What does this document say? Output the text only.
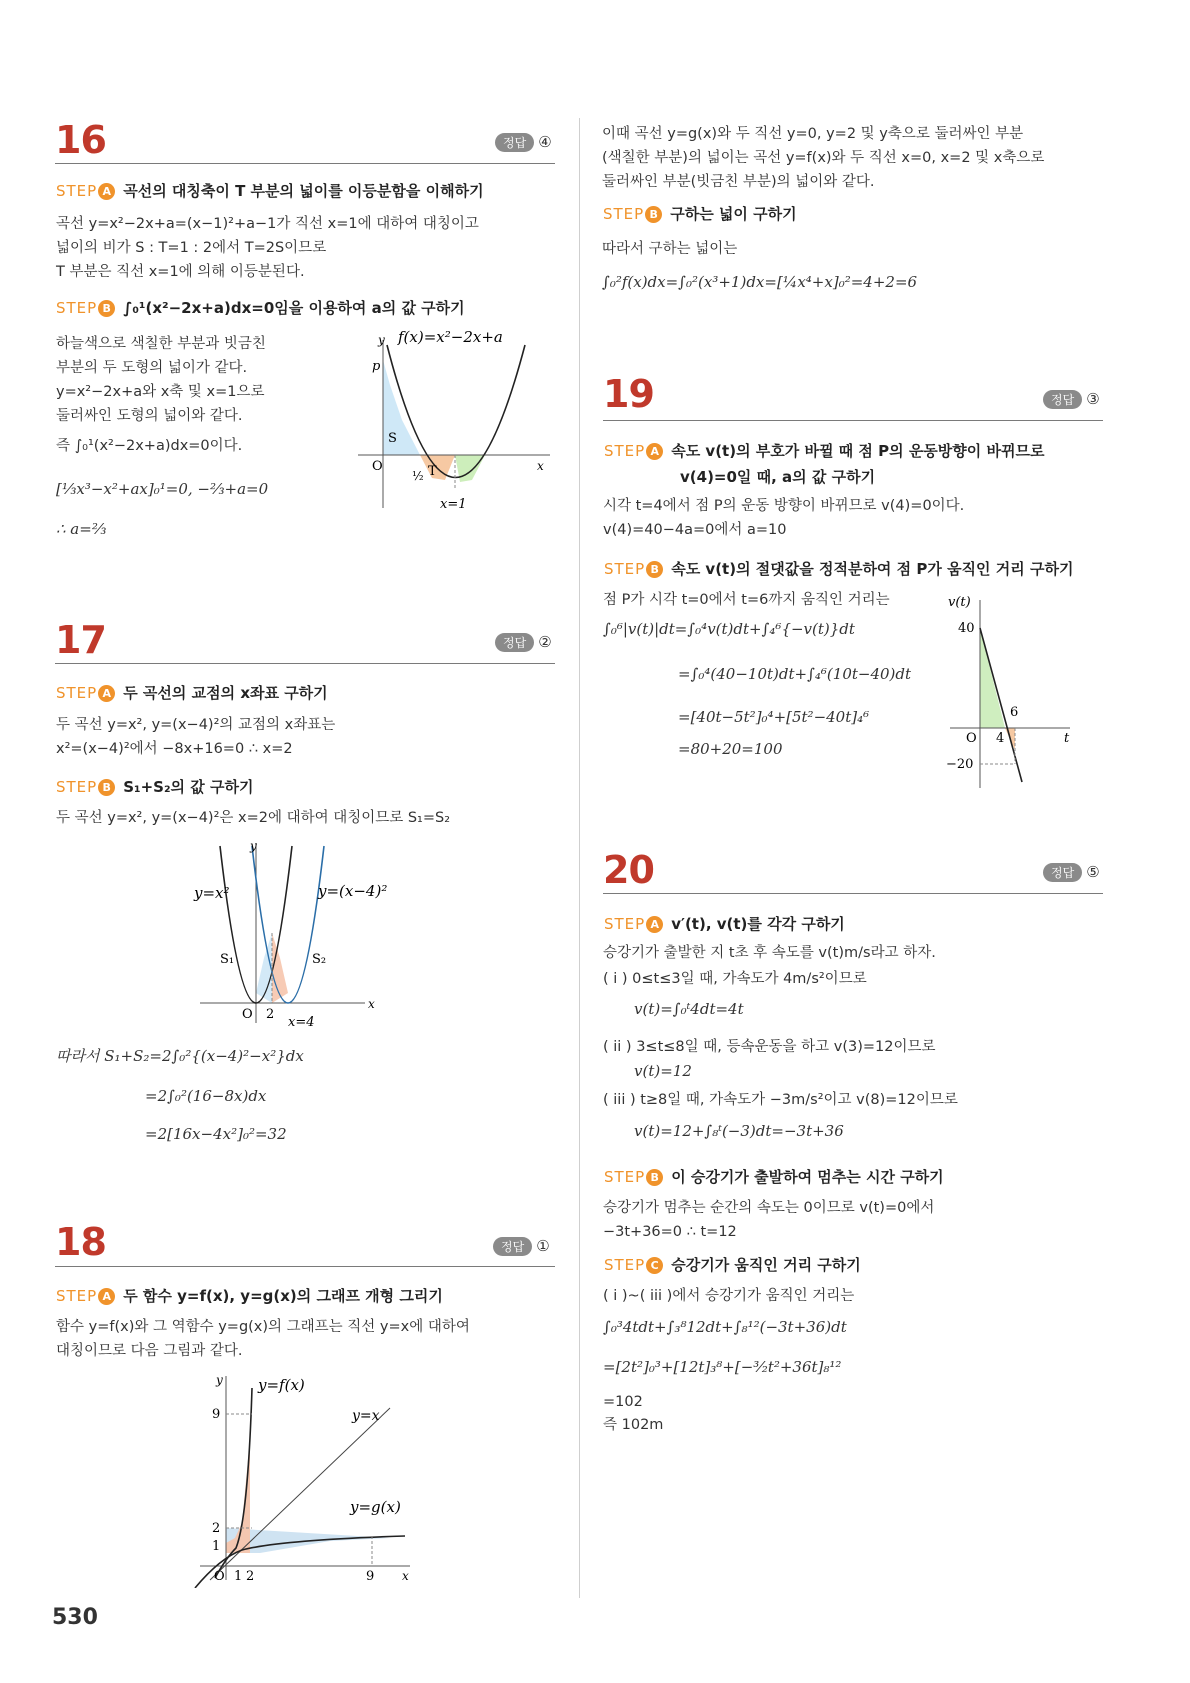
16	정답 ④
STEP A 곡선의 대칭축이 T 부분의 넓이를 이등분함을 이해하기
곡선 y=x²−2x+a=(x−1)²+a−1가 직선 x=1에 대하여 대칭이고
넓이의 비가 S : T=1 : 2에서 T=2S이므로
T 부분은 직선 x=1에 의해 이등분된다.
STEP B ∫₀¹(x²−2x+a)dx=0임을 이용하여 a의 값 구하기
하늘색으로 색칠한 부분과 빗금친
부분의 두 도형의 넓이가 같다.
y=x²−2x+a와 x축 및 x=1으로
둘러싸인 도형의 넓이와 같다.
즉 ∫₀¹(x²−2x+a)dx=0이다.
[⅓x³−x²+ax]₀¹=0, −⅔+a=0
∴ a=⅔
y f(x)=x²−2x+a
p
S
O	T
½
x
x=1
17	정답 ②
STEP A 두 곡선의 교점의 x좌표 구하기
두 곡선 y=x², y=(x−4)²의 교점의 x좌표는
x²=(x−4)²에서 −8x+16=0 ∴ x=2
STEP B S₁+S₂의 값 구하기
두 곡선 y=x², y=(x−4)²은 x=2에 대하여 대칭이므로 S₁=S₂
y
y=x²	y=(x−4)²
S₁	S₂
O 2
x=4
x
따라서 S₁+S₂=2∫₀²{(x−4)²−x²}dx
=2∫₀²(16−8x)dx
=2[16x−4x²]₀²=32
18	정답 ①
STEP A 두 함수 y=f(x), y=g(x)의 그래프 개형 그리기
함수 y=f(x)와 그 역함수 y=g(x)의 그래프는 직선 y=x에 대하여
대칭이므로 다음 그림과 같다.
y y=f(x)
y=x
y=g(x)
9
2
1
O 1 2	9 x
530
이때 곡선 y=g(x)와 두 직선 y=0, y=2 및 y축으로 둘러싸인 부분
(색칠한 부분)의 넓이는 곡선 y=f(x)와 두 직선 x=0, x=2 및 x축으로
둘러싸인 부분(빗금친 부분)의 넓이와 같다.
STEP B 구하는 넓이 구하기
따라서 구하는 넓이는
∫₀²f(x)dx=∫₀²(x³+1)dx=[¼x⁴+x]₀²=4+2=6
19	정답 ③
STEP A 속도 v(t)의 부호가 바뀔 때 점 P의 운동방향이 바뀌므로
v(4)=0일 때, a의 값 구하기
시각 t=4에서 점 P의 운동 방향이 바뀌므로 v(4)=0이다.
v(4)=40−4a=0에서 a=10
STEP B 속도 v(t)의 절댓값을 정적분하여 점 P가 움직인 거리 구하기
점 P가 시각 t=0에서 t=6까지 움직인 거리는
∫₀⁶|v(t)|dt=∫₀⁴v(t)dt+∫₄⁶{−v(t)}dt
=∫₀⁴(40−10t)dt+∫₄⁶(10t−40)dt
=[40t−5t²]₀⁴+[5t²−40t]₄⁶
=80+20=100
v(t)
40
6
O 4	t
−20
20	정답 ⑤
STEP A v′(t), v(t)를 각각 구하기
승강기가 출발한 지 t초 후 속도를 v(t)m/s라고 하자.
( i ) 0≤t≤3일 때, 가속도가 4m/s²이므로
v(t)=∫₀ᵗ4dt=4t
( ii ) 3≤t≤8일 때, 등속운동을 하고 v(3)=12이므로
v(t)=12
( iii ) t≥8일 때, 가속도가 −3m/s²이고 v(8)=12이므로
v(t)=12+∫₈ᵗ(−3)dt=−3t+36
STEP B 이 승강기가 출발하여 멈추는 시간 구하기
승강기가 멈추는 순간의 속도는 0이므로 v(t)=0에서
−3t+36=0 ∴ t=12
STEP C 승강기가 움직인 거리 구하기
( i )~( iii )에서 승강기가 움직인 거리는
∫₀³4tdt+∫₃⁸12dt+∫₈¹²(−3t+36)dt
=[2t²]₀³+[12t]₃⁸+[−³⁄₂t²+36t]₈¹²
=102
즉 102m
